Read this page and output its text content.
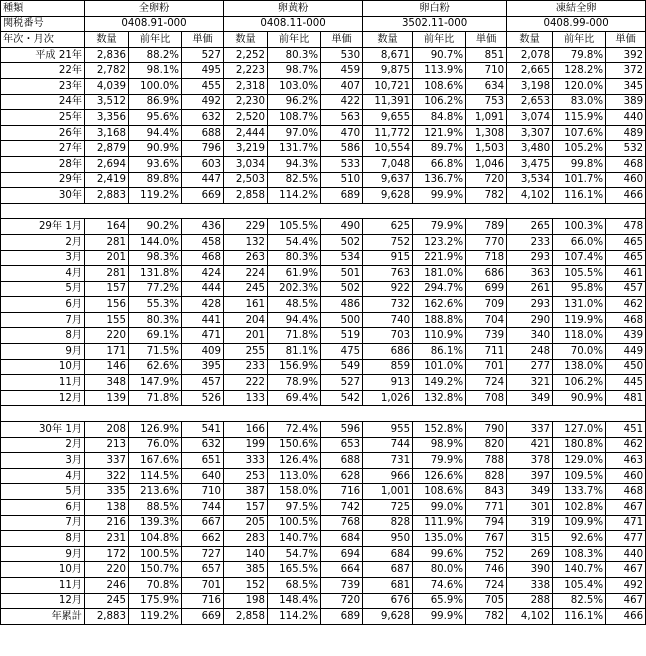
種類	全卵粉			卵黄粉			卵白粉			凍結全卵		
関税番号	0408.91-000			0408.11-000			3502.11-000			0408.99-000		
年次・月次	数量	前年比	単価	数量	前年比	単価	数量	前年比	単価	数量	前年比	単価
平成 21年	2,836	88.2%	527	2,252	80.3%	530	8,671	90.7%	851	2,078	79.8%	392
22年	2,782	98.1%	495	2,223	98.7%	459	9,875	113.9%	710	2,665	128.2%	372
23年	4,039	100.0%	455	2,318	103.0%	407	10,721	108.6%	634	3,198	120.0%	345
24年	3,512	86.9%	492	2,230	96.2%	422	11,391	106.2%	753	2,653	83.0%	389
25年	3,356	95.6%	632	2,520	108.7%	563	9,655	84.8%	1,091	3,074	115.9%	440
26年	3,168	94.4%	688	2,444	97.0%	470	11,772	121.9%	1,308	3,307	107.6%	489
27年	2,879	90.9%	796	3,219	131.7%	586	10,554	89.7%	1,503	3,480	105.2%	532
28年	2,694	93.6%	603	3,034	94.3%	533	7,048	66.8%	1,046	3,475	99.8%	468
29年	2,419	89.8%	447	2,503	82.5%	510	9,637	136.7%	720	3,534	101.7%	460
30年	2,883	119.2%	669	2,858	114.2%	689	9,628	99.9%	782	4,102	116.1%	466

29年 1月	164	90.2%	436	229	105.5%	490	625	79.9%	789	265	100.3%	478
2月	281	144.0%	458	132	54.4%	502	752	123.2%	770	233	66.0%	465
3月	201	98.3%	468	263	80.3%	534	915	221.9%	718	293	107.4%	465
4月	281	131.8%	424	224	61.9%	501	763	181.0%	686	363	105.5%	461
5月	157	77.2%	444	245	202.3%	502	922	294.7%	699	261	95.8%	457
6月	156	55.3%	428	161	48.5%	486	732	162.6%	709	293	131.0%	462
7月	155	80.3%	441	204	94.4%	500	740	188.8%	704	290	119.9%	468
8月	220	69.1%	471	201	71.8%	519	703	110.9%	739	340	118.0%	439
9月	171	71.5%	409	255	81.1%	475	686	86.1%	711	248	70.0%	449
10月	146	62.6%	395	233	156.9%	549	859	101.0%	701	277	138.0%	450
11月	348	147.9%	457	222	78.9%	527	913	149.2%	724	321	106.2%	445
12月	139	71.8%	526	133	69.4%	542	1,026	132.8%	708	349	90.9%	481

30年 1月	208	126.9%	541	166	72.4%	596	955	152.8%	790	337	127.0%	451
2月	213	76.0%	632	199	150.6%	653	744	98.9%	820	421	180.8%	462
3月	337	167.6%	651	333	126.4%	688	731	79.9%	788	378	129.0%	463
4月	322	114.5%	640	253	113.0%	628	966	126.6%	828	397	109.5%	460
5月	335	213.6%	710	387	158.0%	716	1,001	108.6%	843	349	133.7%	468
6月	138	88.5%	744	157	97.5%	742	725	99.0%	771	301	102.8%	467
7月	216	139.3%	667	205	100.5%	768	828	111.9%	794	319	109.9%	471
8月	231	104.8%	662	283	140.7%	684	950	135.0%	767	315	92.6%	477
9月	172	100.5%	727	140	54.7%	694	684	99.6%	752	269	108.3%	440
10月	220	150.7%	657	385	165.5%	664	687	80.0%	746	390	140.7%	467
11月	246	70.8%	701	152	68.5%	739	681	74.6%	724	338	105.4%	492
12月	245	175.9%	716	198	148.4%	720	676	65.9%	705	288	82.5%	467
年累計	2,883	119.2%	669	2,858	114.2%	689	9,628	99.9%	782	4,102	116.1%	466
